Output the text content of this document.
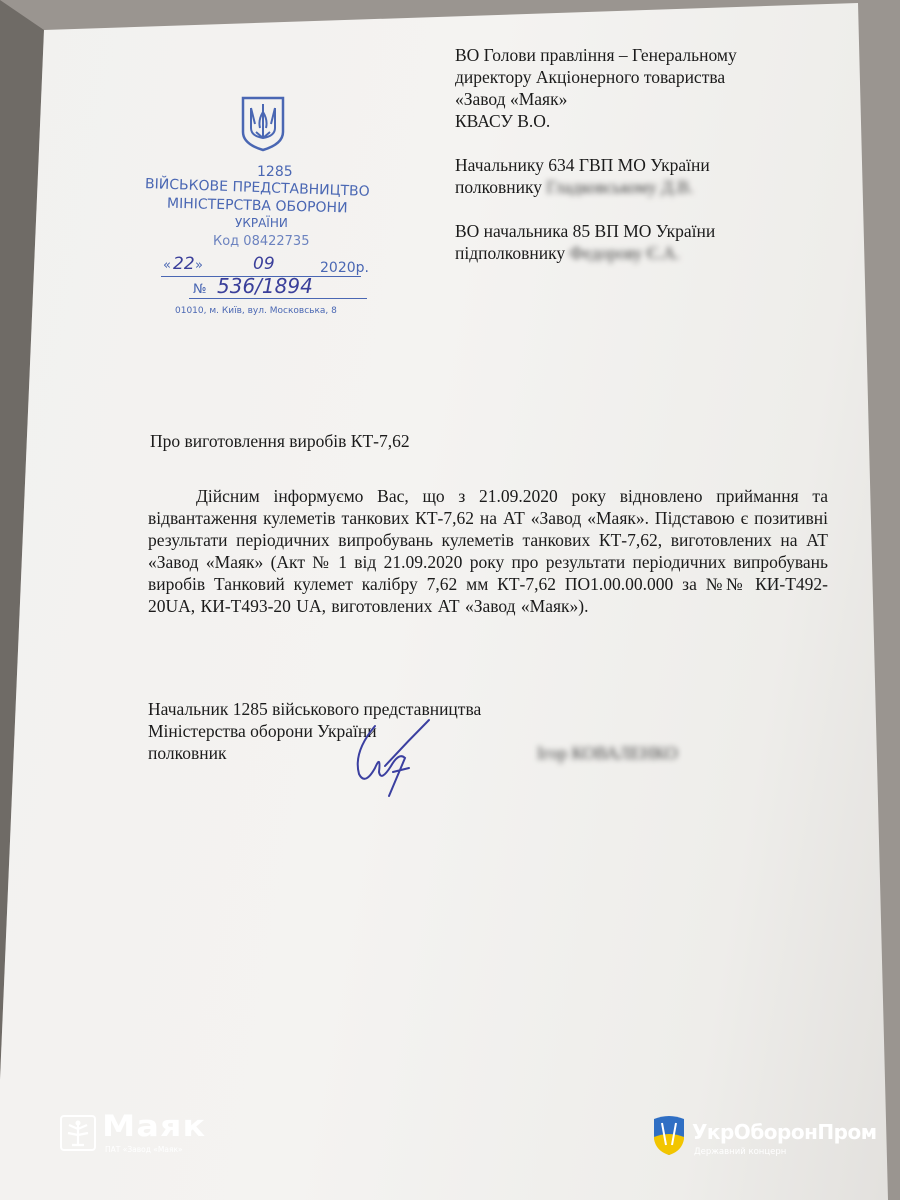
ВО Голови правління – Генеральному

директору Акціонерного товариства

«Завод «Маяк»

КВАСУ В.О.

Начальнику 634 ГВП МО України

полковнику Гладковському Д.В.

ВО начальника 85 ВП МО України

підполковнику Федорову Є.А.

1285
ВІЙСЬКОВЕ ПРЕДСТАВНИЦТВО
МІНІСТЕРСТВА ОБОРОНИ
УКРАЇНИ
Код 08422735
« 22 »	09	2020р.
№ 536/1894
01010, м. Київ, вул. Московська, 8
Про виготовлення виробів КТ-7,62

Дійсним інформуємо Вас, що з 21.09.2020 року відновлено приймання та відвантаження кулеметів танкових КТ-7,62 на АТ «Завод «Маяк». Підставою є позитивні результати періодичних випробувань кулеметів танкових КТ-7,62, виготовлених на АТ «Завод «Маяк» (Акт № 1 від 21.09.2020 року про результати періодичних випробувань виробів Танковий кулемет калібру 7,62 мм КТ-7,62 ПО1.00.00.000 за №№ КИ-Т492-20UA, КИ-Т493-20 UA, виготовлених АТ «Завод «Маяк»).

Начальник 1285 військового представництва

Міністерства оборони України

полковник	Ігор КОВАЛЕНКО
Маяк
ПАТ «Завод «Маяк»
УкрОборонПром
Державний концерн
